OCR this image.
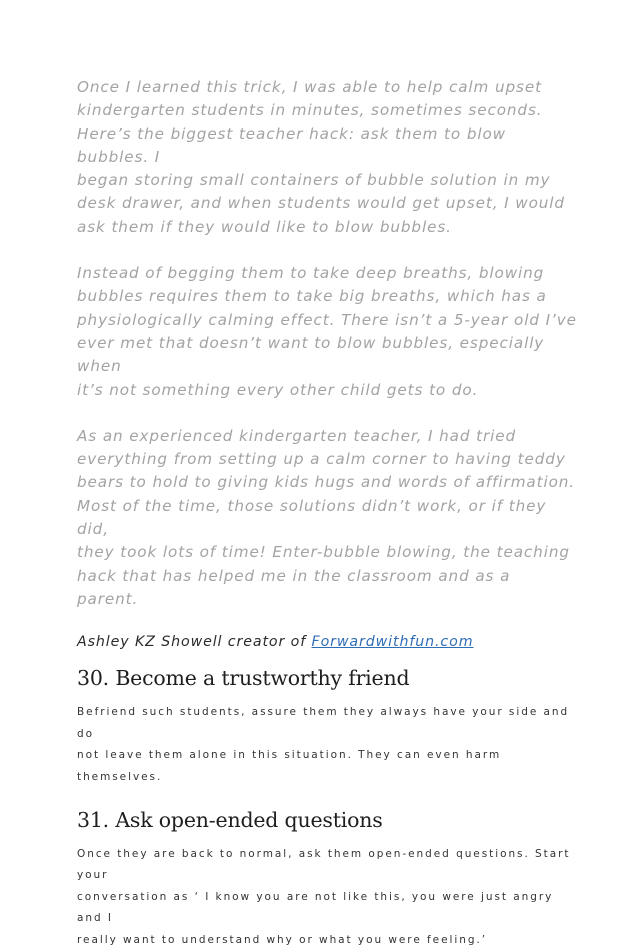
Once I learned this trick, I was able to help calm upset
kindergarten students in minutes, sometimes seconds.
Here’s the biggest teacher hack: ask them to blow bubbles. I
began storing small containers of bubble solution in my
desk drawer, and when students would get upset, I would
ask them if they would like to blow bubbles.

Instead of begging them to take deep breaths, blowing
bubbles requires them to take big breaths, which has a
physiologically calming effect. There isn’t a 5-year old I’ve
ever met that doesn’t want to blow bubbles, especially when
it’s not something every other child gets to do.

As an experienced kindergarten teacher, I had tried
everything from setting up a calm corner to having teddy
bears to hold to giving kids hugs and words of affirmation.
Most of the time, those solutions didn’t work, or if they did,
they took lots of time! Enter-bubble blowing, the teaching
hack that has helped me in the classroom and as a parent.

Ashley KZ Showell creator of Forwardwithfun.com

30. Become a trustworthy friend

Befriend such students, assure them they always have your side and do
not leave them alone in this situation. They can even harm themselves.

31. Ask open-ended questions

Once they are back to normal, ask them open-ended questions. Start your
conversation as ‘ I know you are not like this, you were just angry and I
really want to understand why or what you were feeling.’
